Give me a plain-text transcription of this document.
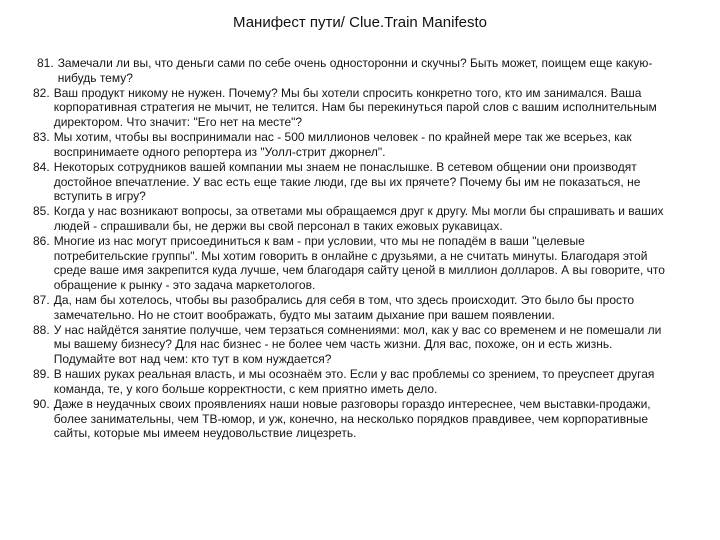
Манифест пути/ Clue.Train Manifesto
81. Замечали ли вы, что деньги сами по себе очень односторонни и скучны? Быть может, поищем еще какую-нибудь тему?
82. Ваш продукт никому не нужен. Почему? Мы бы хотели спросить конкретно того, кто им занимался. Ваша корпоративная стратегия не мычит, не телится. Нам бы перекинуться парой слов с вашим исполнительным директором. Что значит: "Его нет на месте"?
83. Мы хотим, чтобы вы воспринимали нас - 500 миллионов человек - по крайней мере так же всерьез, как воспринимаете одного репортера из "Уолл-стрит джорнел".
84. Некоторых сотрудников вашей компании мы знаем не понаслышке. В сетевом общении они производят достойное впечатление. У вас есть еще такие люди, где вы их прячете? Почему бы им не показаться, не вступить в игру?
85. Когда у нас возникают вопросы, за ответами мы обращаемся друг к другу. Мы могли бы спрашивать и ваших людей - спрашивали бы, не держи вы свой персонал в таких ежовых рукавицах.
86. Многие из нас могут присоединиться к вам - при условии, что мы не попадём в ваши "целевые потребительские группы". Мы хотим говорить в онлайне с друзьями, а не считать минуты. Благодаря этой среде ваше имя закрепится куда лучше, чем благодаря сайту ценой в миллион долларов. А вы говорите, что обращение к рынку - это задача маркетологов.
87. Да, нам бы хотелось, чтобы вы разобрались для себя в том, что здесь происходит. Это было бы просто замечательно. Но не стоит воображать, будто мы затаим дыхание при вашем появлении.
88. У нас найдётся занятие получше, чем терзаться сомнениями: мол, как у вас со временем и не помешали ли мы вашему бизнесу? Для нас бизнес - не более чем часть жизни. Для вас, похоже, он и есть жизнь. Подумайте вот над чем: кто тут в ком нуждается?
89. В наших руках реальная власть, и мы осознаём это. Если у вас проблемы со зрением, то преуспеет другая команда, те, у кого больше корректности, с кем приятно иметь дело.
90. Даже в неудачных своих проявлениях наши новые разговоры гораздо интереснее, чем выставки-продажи, более занимательны, чем ТВ-юмор, и уж, конечно, на несколько порядков правдивее, чем корпоративные сайты, которые мы имеем неудовольствие лицезреть.
